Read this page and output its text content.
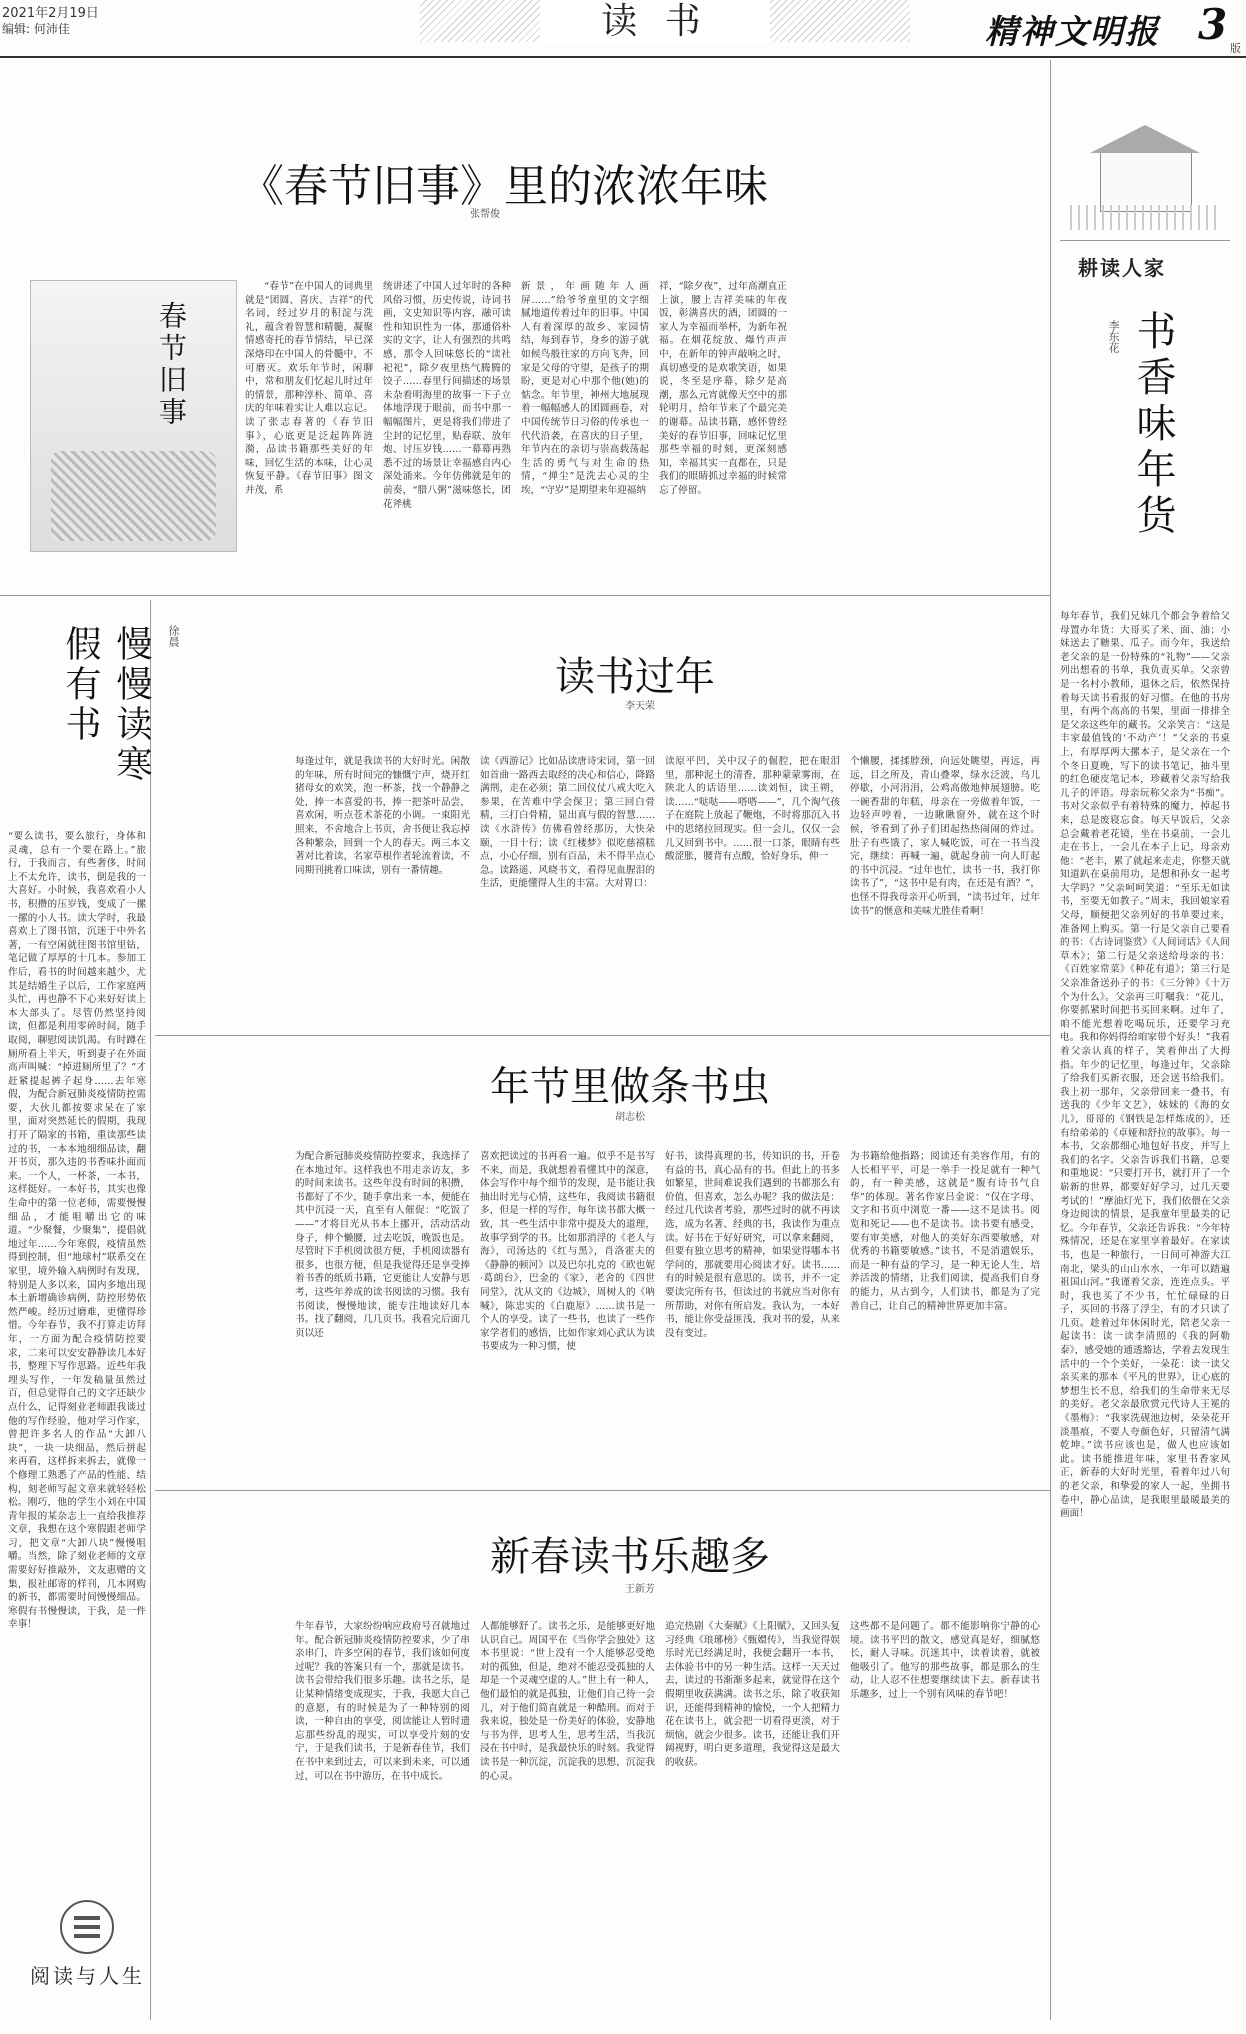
2021年2月19日
编辑: 何沛佳	读 书	精神文明报 3 版
《春节旧事》里的浓浓年味
张帮俊
春节旧事
“春节”在中国人的词典里就是“团圆、喜庆、吉祥”的代名词，经过岁月的积淀与洗礼，蕴含着智慧和精髓，凝聚情感寄托的春节情结，早已深深烙印在中国人的骨髓中，不可磨灭。欢乐年节时，闲聊中，常和朋友们忆起儿时过年的情景，那种淳朴、简单、喜庆的年味着实让人难以忘记。读了张志春著的《春节旧事》，心底更是泛起阵阵涟漪，品读书籍那些美好的年味，回忆生活的本味，让心灵恢复平静。《春节旧事》图文并茂，系
统讲述了中国人过年时的各种风俗习惯，历史传说，诗词书画，文史知识等内容，融可读性和知识性为一体，那通俗朴实的文字，让人有强烈的共鸣感，那令人回味悠长的“读社祀祀”，除夕夜里热气腾腾的饺子……春里行间描述的场景未杂着明海里的故事一下子立体地浮现于眼前，而书中那一幅幅图片，更是将我们带进了尘封的记忆里，贴春联、放年炮、讨压岁钱……一幕幕再熟悉不过的场景让幸福感自内心深处涌来。今年仿佛就是年的前奏，“腊八粥”滋味悠长，团花斧桃
新景，年画随年人画屏……”给爷爷童里的文字细腻地道传着过年的旧事。中国人有着深厚的故乡、家园情结，每到春节，身乡的游子就如候鸟般往家的方向飞奔，回家是父母的守望，是孩子的期盼，更是对心中那个他(她)的惦念。年节里，神州大地展现着一幅幅感人的团圆画卷，对中国传统节日习俗的传承也一代代沿袭，在喜庆的日子里，年节内在的亲切与崇高载荡起生活的勇气与对生命的热情，“掸尘”是洗去心灵的尘埃，“守岁”是期望来年迎福纳
祥，“除夕夜”，过年高潮直正上演，腰上吉祥美味的年夜饭，彰满喜庆的酒，团圆的一家人为幸福而举杯，为新年祝福。在烟花绽放、爆竹声声中，在新年的钟声敲响之时，真切感受的是欢歌笑语，如果说，冬至是序幕，除夕是高潮，那么元宵就像天空中的那轮明月，给年节来了个最完美的谢幕。品读书籍，感怀曾经美好的春节旧事，回味记忆里那些幸福的时刻，更深刻感知，幸福其实一直都在，只是我们的眼睛抓过幸福的时候常忘了停留。
耕读人家
书香味年货
李东花
每年春节，我们兄妹几个都会争着给父母置办年货：大哥买了米、面、油；小妹送去了糖果、瓜子。而今年，我送给老父亲的是一份特殊的“礼物”——父亲列出想看的书单，我负责买单。父亲曾是一名村小教师，退休之后，依然保持着每天读书看报的好习惯。在他的书房里，有两个高高的书架，里面一排排全是父亲这些年的藏书。父亲笑言：“这是丰家最值钱的‘不动产’！”父亲的书桌上，有厚厚两大摞本子，是父亲在一个个冬日夏晚，写下的读书笔记，抽斗里的红色硬皮笔记本，珍藏着父亲写给我儿子的评语。母亲玩称父亲为“书痴”。书对父亲似乎有着特殊的魔力，掉起书来，总是废寝忘食。每天早饭后，父亲总会戴着老花镜，坐在书桌前，一会儿走在书上，一会儿在本子上记，母亲劝他：“老丰，累了就起来走走，你整天就知道趴在桌前用功，是想和孙女一起考大学吗？”父亲呵呵笑道：“至乐无如读书，至要无如教子。”周末，我回娘家看父母，顺便把父亲列好的书单要过来，准备网上购买。第一行是父亲自己要看的书：《古诗词鉴赏》《人间词话》《人间草木》；第二行是父亲送给母亲的书：《百姓家常菜》《种花有道》；第三行是父亲准备送孙子的书：《三分钟》《十万个为什么》。父亲再三叮嘱我：“花儿，你要抓紧时间把书买回来啊。过年了，咱不能光想着吃喝玩乐，还要学习充电。我和你妈得给咱家带个好头！”我看着父亲认真的样子，笑着伸出了大拇指。年少的记忆里，每逢过年，父亲除了给我们买新衣服，还会送书给我们。我上初一那年，父亲带回来一叠书，有送我的《少年文艺》，妹妹的《海的女儿》，哥哥的《钢铁是怎样炼成的》，还有给弟弟的《卓娅和舒拉的故事》。每一本书，父亲都细心地包好书皮，并写上我们的名字。父亲告诉我们书籍，总要和重地说：“只要打开书，就打开了一个崭新的世界，都要好好学习，过几天要考试的！”摩油灯光下，我们依偎在父亲身边阅读的情景，是我童年里最美的记忆。今年春节，父亲还告诉我：“今年特殊情况，还是在家里享着最好。在家读书，也是一种旅行，一日间可神游大江南北，梁头的山山水水，一年可以踏遍祖国山河。”我谨着父亲，连连点头。平时，我也买了不少书，忙忙碌碌的日子，买回的书落了浮尘，有的才只读了几页。趁着过年休闲时光，陪老父亲一起读书：读一读李清照的《我的阿勒泰》，感受她的通透豁达，学着去发现生活中的一个个美好，一朵花：读一读父亲买来的那本《平凡的世界》，让心底的梦想生长不息，给我们的生命带来无尽的美好。老父亲最欣赏元代诗人王冕的《墨梅》：“我家洗砚池边树，朵朵花开淡墨痕，不要人夸颜色好，只留清气满乾坤。”读书应该也是，做人也应该如此。读书能推进年味，家里书香家风正，新春的大好时光里，看着年过八旬的老父亲，和挚爱的家人一起，坐拥书卷中，静心品读，是我眼里最暖最美的画面！
慢慢读寒假有书	徐晨
“要么读书，要么旅行，身体和灵魂，总有一个要在路上。”旅行，于我而言，有些奢侈，时间上不太允许，读书，倒是我的一大喜好。小时候，我喜欢看小人书，积攒的压岁钱，变成了一摞一摞的小人书。读大学时，我最喜欢上了图书馆，沉迷于中外名著，一有空闲就往图书馆里钻，笔记做了厚厚的十几本。参加工作后，看书的时间越来越少，尤其是结婚生子以后，工作家庭两头忙，再也静不下心来好好读上本大部头了。尽管仍然坚持阅读，但都是利用零碎时间，随手取阅，聊慰阅读饥渴。有时蹲在厕所看上半天，听到妻子在外面高声叫喊：“掉进厕所里了？”才赶紧提起裤子起身……去年寒假，为配合新冠肺炎疫情防控需要，大伙儿都按要求呆在了家里，面对突然延长的假期，我现打开了隔家的书箱，重读那些读过的书，一本本地细细品读，翻开书页，那久违的书香味扑面而来。一个人，一杯茶，一本书，这样挺好。一本好书，其实也像生命中的第一位老师，需要慢慢细品，才能咀嚼出它的味道。“少聚餐，少聚集”，提倡就地过年……今年寒假，疫情虽然得到控制，但“地球村”联系交在家里，境外输入病例时有发现，特别是人多以来，国内多地出现本土新增确诊病例，防控形势依然严峻。经历过磨难，更懂得珍惜。今年春节，我不打算走访拜年，一方面为配合疫情防控要求，二来可以安安静静读几本好书，整理下写作思路。近些年我埋头写作，一年发稿量虽然过百，但总觉得自己的文字还缺少点什么，记得刻业老师跟我谈过他的写作经验，他对学习作家，曾把许多名人的作品“大卸八块”，一块一块细品，然后拼起来再看，这样拆来拆去，就像一个修理工熟悉了产品的性能、结构，刻老师写起文章来就轻轻松松。刚巧，他的学生小刘在中国青年报的某杂志上一直给我推荐文章，我想在这个寒假跟老师学习，把文章“大卸八块”慢慢咀嚼。当然，除了刻业老师的文章需要好好推敲外，文友惠赠的文集，报社邮寄的样刊，几本网购的新书，都需要时间慢慢细品。寒假有书慢慢读，于我，是一件幸事！
阅读与人生
读书过年
李天荣
每逢过年，就是我读书的大好时光。闲散的年味，所有时间完的慷慨宁声，烧开红猪母女的欢笑，泡一杯茶，找一个静静之处，捧一本喜爱的书，捧一把茶叶品尝，喜欢闲，听点苍术茶花的小调。一束阳光照来，不舍地合上书页，舍书便让我忘掉各种繁杂，回到一个人的春天。两三本文著对比着读，名家草根作者轮流着读，不同期刊挑着口味读，别有一番情趣。
读《西游记》比如品读唐诗宋词，第一回如首曲一路西去取经的决心和信心，降路满荆，走在必须；第二回仪仗八戒大吃入参果，在苦难中学会保卫；第三回白骨精，三打白骨精，显出真与假的智慧……读《水浒传》仿佛看曾经那历，大快朵颐，一目十行；读《红楼梦》似吃慈禧糕点，小心仔细，别有百品，未不得半点心急。读路遥、风晓书文，看得见血腥泪的生活，更能懂得人生的丰富。大对胃口：
读原平凹，关中汉子的倔腔，把在眼泪里，那种泥土的清香，那种蒙蒙雾雨，在陕北人的话语里……读刘恒，读王朔，读……“哒哒——嗒嗒——”，几个淘气孩子在庭院上放起了鞭炮，不时将那沉入书中的思绪拉回现实。但一会儿，仅仅一会儿又回到书中。……很一口茶，眼睛有些酸涩胀，腰背有点酸，恰好身乐，伸一
个懒腰，揉揉脖颈，向远处眺望，再远，再远，目之所及，青山叠翠，绿水泛波，乌儿停歇，小河涓涓，公鸡高傲地伸展翅膀。吃一碗香甜的年糕，母亲在一旁做着年饭，一边轻声哼着，一边瞅瞅窗外，就在这个时候，爷看到了孙子们团起热热闹闹的炸过。肚子有些饿了，家人喊吃饭，可在一书当没完，继续：再喊一遍，就起身前一向人盯起的书中沉浸。“过年也忙，读书一书，我打你读书了”，“这书中是有肉，在还是有酒？”，也怪不得我母亲开心听到，“读书过年，过年读书”的惬意和美味尤胜佳肴啊！
年节里做条书虫
胡志松
为配合新冠肺炎疫情防控要求，我选择了在本地过年。这样我也不用走亲访友，多的时间来读书。这些年没有时间的积攒，书都好了不少，随手拿出来一本，便能在其中沉浸一天，直至有人催促：“吃饭了——”才将目光从书本上挪开，活动活动身子，伸个懒腰，过去吃饭，晚饭也是。尽管时下手机阅读很方便，手机阅读器有很多，也很方便，但是我觉得还是享受捧着书香的纸质书籍，它更能让人安静与思考，这些年养成的读书阅读的习惯。我有书阅读，慢慢地读，能专注地读好几本书。找了翻阅，几几页书。我看完后面几页以还
喜欢把读过的书再看一遍。似乎不是书写不来，而是，我就想着看懂其中的深意，体会写作中每个细节的发现，是书能让我抽出时光与心情，这些年，我阅读书籍很多，但是一样的写作，每年读书都大概一致，其一些生活中非常中提及大的道理，故事学到学的书。比如那消浮的《老人与海》，司汤达的《红与黑》，肖洛霍夫的《静静的顿河》以及巴尔扎克的《欧也妮·葛朗台》，巴金的《家》，老舍的《四世同堂》，沈从文的《边城》，周树人的《呐喊》，陈忠实的《白鹿原》……读书是一个人的享受。读了一些书，也读了一些作家学者们的感悟，比如作家刘心武认为读书要成为一种习惯，使
好书，读得真理的书，传知识的书，开卷有益的书，真心品有的书。但此上的书多如繁星，世间难说我们遇到的书都那么有价值，但喜欢，怎么办呢？我的做法是：经过几代读者考验，那些过时的就不再读选，成为名著、经典的书，我读作为重点读。好书在于好好研究，可以拿来翻阅，但要有独立思考的精神，如果觉得哪本书学问的，那就要用心阅读才好。读书……有的时候是很有意思的。读书，并不一定要读完所有书，但读过的书就应当对你有所帮助，对你有所启发。我认为，一本好书，能让你受益匪浅，我对书的爱，从来没有变过。
为书籍给他指路；阅读还有美容作用，有的人长相平平，可是一举手一投足就有一种气韵，有一种美感，这就是“腹有诗书气自华”的体现。著名作家吕金说：“仅在字母、文字和书页中浏览一番——这不是读书。阅览和死记——也不是读书。读书要有感受，要有审美感，对他人的美好东西要敏感，对优秀的书籍要敏感。”读书，不是消遣娱乐，而是一种有益的学习，是一种无论人生，培养活泼的情绪，让我们阅读，提高我们自身的能力，从古到今，人们读书，都是为了完善自己，让自己的精神世界更加丰富。
新春读书乐趣多
王新芳
牛年春节，大家纷纷响应政府号召就地过年。配合新冠肺炎疫情防控要求，少了串亲串门，许多空闲的春节，我们该如何度过呢？我的答案只有一个，那就是读书。读书会带给我们很多乐趣。读书之乐，是让某种情绪变成现实，于我，我愿大自己的意愿，有的时候是为了一种特别的阅读，一种自由的享受，阅读能让人暂时遗忘那些纷乱的现实，可以享受片刻的安宁，于是我们读书，于是新春佳节，我们在书中来到过去，可以来到未来，可以通过，可以在书中游历，在书中成长。
人都能够舒了。读书之乐，是能够更好地认识自己。周国平在《当你学会独处》这本书里说：“世上没有一个人能够忍受绝对的孤独，但是，绝对不能忍受孤独的人却是一个灵魂空虚的人。”世上有一种人，他们最怕的就是孤独，让他们自己待一会儿，对于他们简直就是一种酷刑。而对于我来说，独处是一份美好的体验，安静地与书为伴，思考人生，思考生活，当我沉浸在书中时，是我最快乐的时刻。我觉得读书是一种沉淀，沉淀我的思想，沉淀我的心灵。
追完热剧《大秦赋》《上阳赋》，又回头复习经典《琅琊榜》《甄嬛传》，当我觉得娱乐时光已经满足时，我便会翻开一本书，去体验书中的另一种生活。这样一天天过去，读过的书渐渐多起来，就觉得在这个假期里收获满满。读书之乐，除了收获知识，还能得到精神的愉悦，一个人把精力花在读书上，就会把一切看得更淡，对于烦恼，就会少很多。读书，还能让我们开阔视野，明白更多道理，我觉得这是最大的收获。
这些都不是问题了。都不能影响你宁静的心境。读书平凹的散文，感觉真是好，细腻悠长，耐人寻味。沉迷其中，读着读着，就被他吸引了。他写的那些故事，都是那么的生动，让人忍不住想要继续读下去。新春读书乐趣多，过上一个别有风味的春节吧！
